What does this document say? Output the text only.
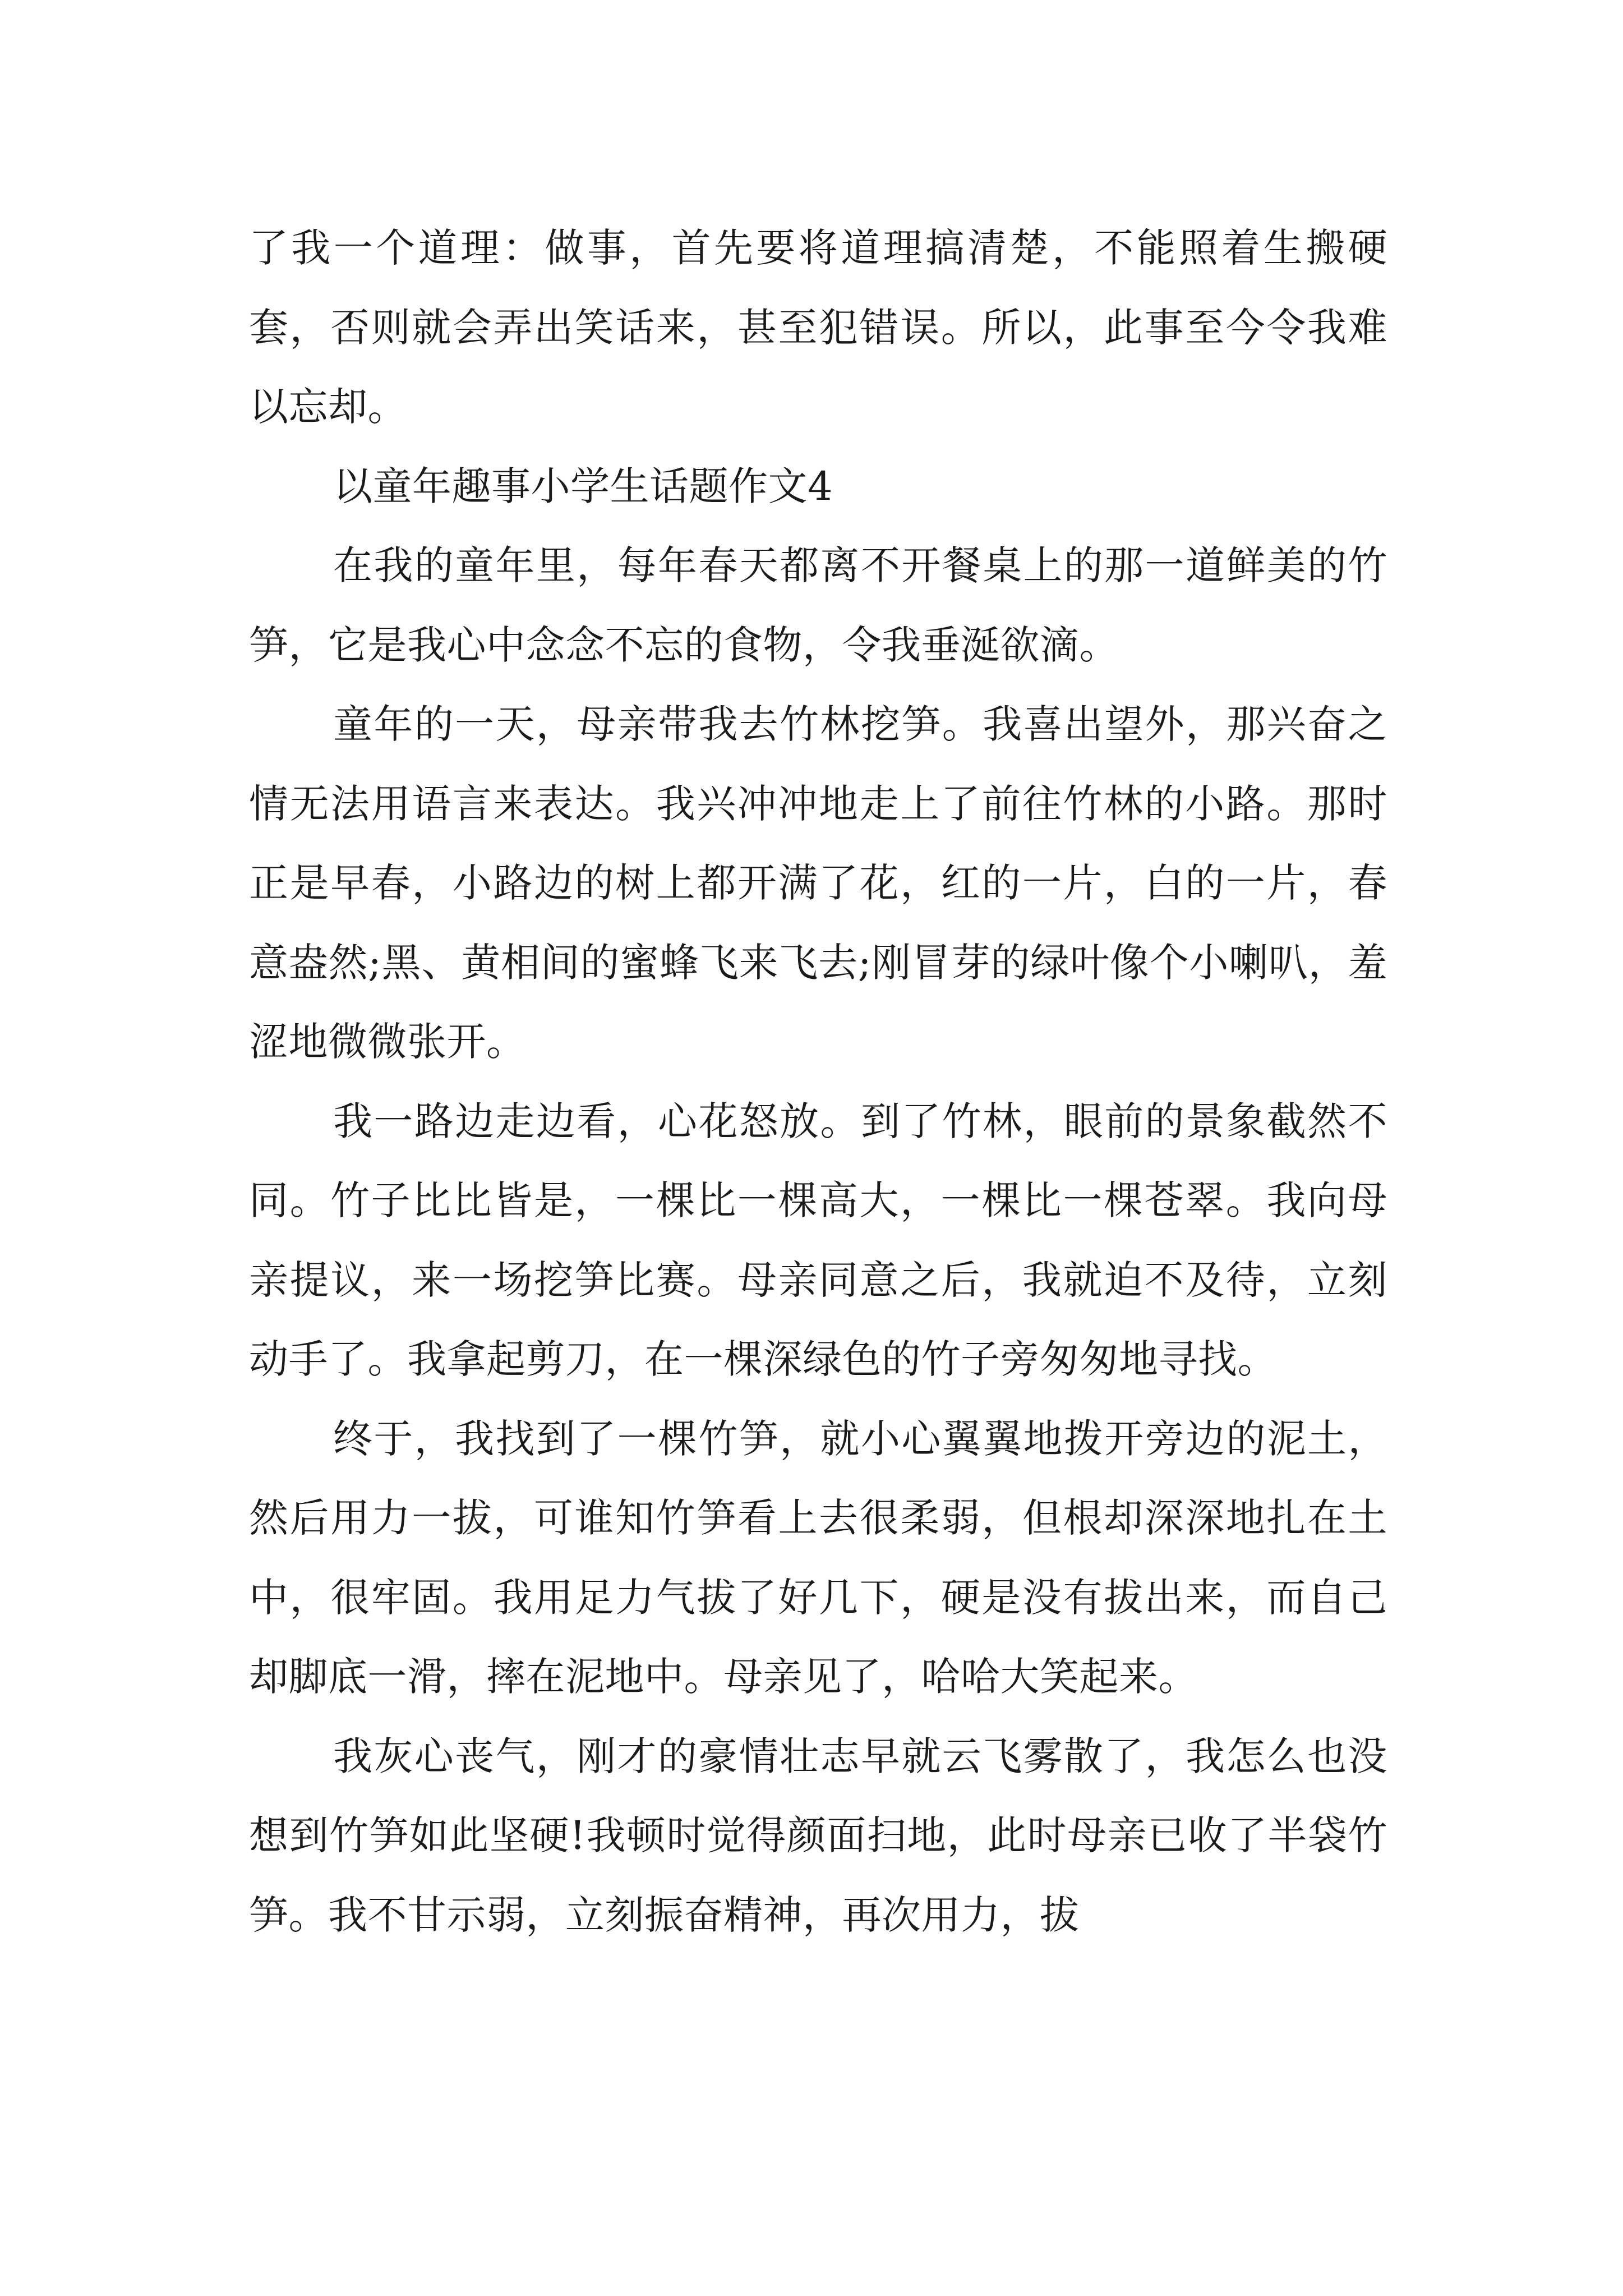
了我一个道理：做事，首先要将道理搞清楚，不能照着生搬硬套，否则就会弄出笑话来，甚至犯错误。所以，此事至今令我难以忘却。

以童年趣事小学生话题作文4

在我的童年里，每年春天都离不开餐桌上的那一道鲜美的竹笋，它是我心中念念不忘的食物，令我垂涎欲滴。

童年的一天，母亲带我去竹林挖笋。我喜出望外，那兴奋之情无法用语言来表达。我兴冲冲地走上了前往竹林的小路。那时正是早春，小路边的树上都开满了花，红的一片，白的一片，春意盎然;黑、黄相间的蜜蜂飞来飞去;刚冒芽的绿叶像个小喇叭，羞涩地微微张开。

我一路边走边看，心花怒放。到了竹林，眼前的景象截然不同。竹子比比皆是，一棵比一棵高大，一棵比一棵苍翠。我向母亲提议，来一场挖笋比赛。母亲同意之后，我就迫不及待，立刻动手了。我拿起剪刀，在一棵深绿色的竹子旁匆匆地寻找。

终于，我找到了一棵竹笋，就小心翼翼地拨开旁边的泥土，然后用力一拔，可谁知竹笋看上去很柔弱，但根却深深地扎在土中，很牢固。我用足力气拔了好几下，硬是没有拔出来，而自己却脚底一滑，摔在泥地中。母亲见了，哈哈大笑起来。

我灰心丧气，刚才的豪情壮志早就云飞雾散了，我怎么也没想到竹笋如此坚硬!我顿时觉得颜面扫地，此时母亲已收了半袋竹笋。我不甘示弱，立刻振奋精神，再次用力，拔
